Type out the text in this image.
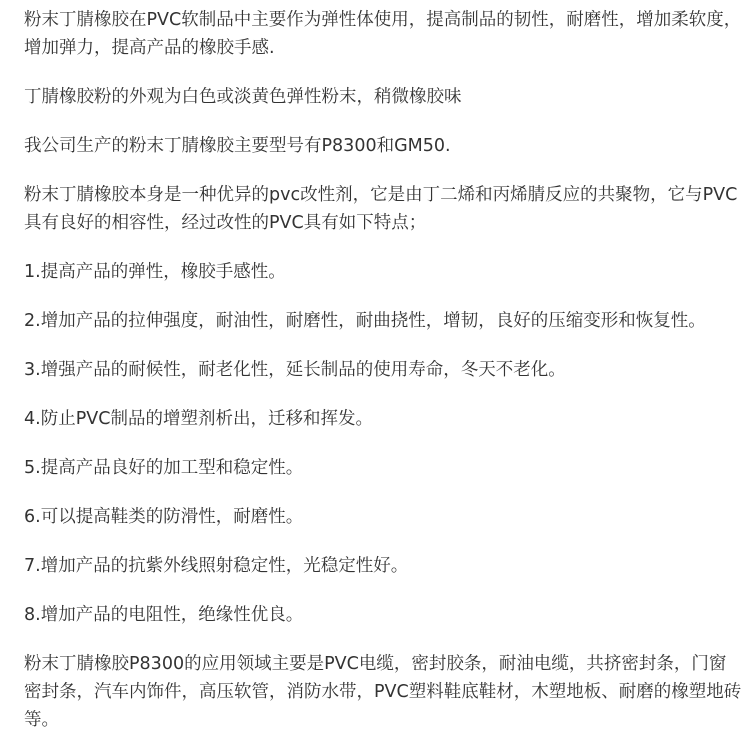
粉末丁腈橡胶在PVC软制品中主要作为弹性体使用，提高制品的韧性，耐磨性，增加柔软度，增加弹力，提高产品的橡胶手感.

丁腈橡胶粉的外观为白色或淡黄色弹性粉末，稍微橡胶味

我公司生产的粉末丁腈橡胶主要型号有P8300和GM50.

粉末丁腈橡胶本身是一种优异的pvc改性剂，它是由丁二烯和丙烯腈反应的共聚物，它与PVC具有良好的相容性，经过改性的PVC具有如下特点；

1.提高产品的弹性，橡胶手感性。

2.增加产品的拉伸强度，耐油性，耐磨性，耐曲挠性，增韧，良好的压缩变形和恢复性。

3.增强产品的耐候性，耐老化性，延长制品的使用寿命，冬天不老化。

4.防止PVC制品的增塑剂析出，迁移和挥发。

5.提高产品良好的加工型和稳定性。

6.可以提高鞋类的防滑性，耐磨性。

7.增加产品的抗紫外线照射稳定性，光稳定性好。

8.增加产品的电阻性，绝缘性优良。

粉末丁腈橡胶P8300的应用领域主要是PVC电缆，密封胶条，耐油电缆，共挤密封条，门窗密封条，汽车内饰件，高压软管，消防水带，PVC塑料鞋底鞋材，木塑地板、耐磨的橡塑地砖等。
